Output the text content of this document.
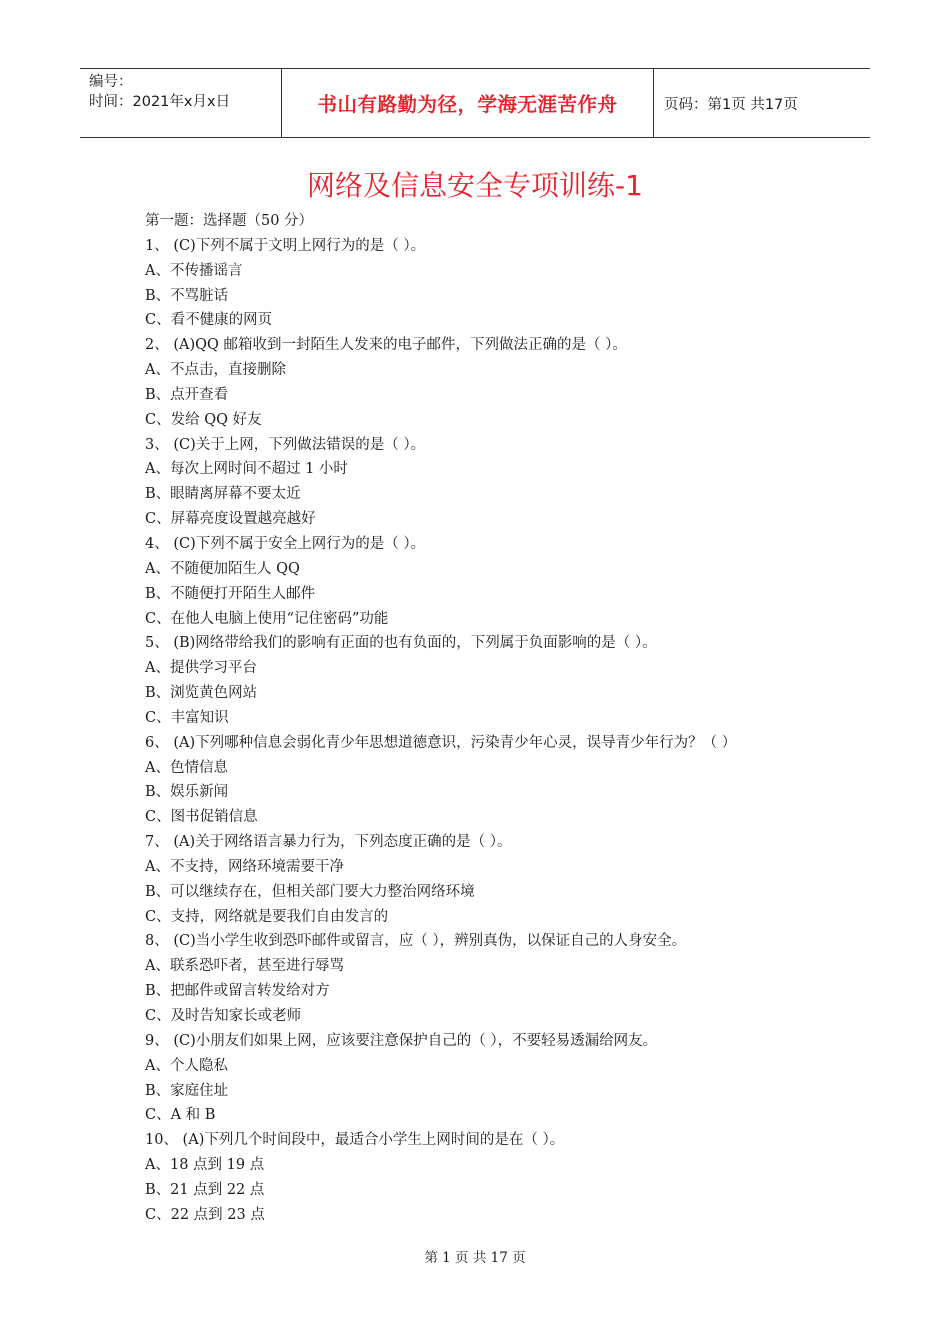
编号：
时间：2021年x月x日	书山有路勤为径，学海无涯苦作舟	页码：第1页 共17页
网络及信息安全专项训练-1
第一题：选择题（50 分）
1、 (C)下列不属于文明上网行为的是（ ）。
A、不传播谣言
B、不骂脏话
C、看不健康的网页
2、 (A)QQ 邮箱收到一封陌生人发来的电子邮件，下列做法正确的是（ ）。
A、不点击，直接删除
B、点开查看
C、发给 QQ 好友
3、 (C)关于上网，下列做法错误的是（ ）。
A、每次上网时间不超过 1 小时
B、眼睛离屏幕不要太近
C、屏幕亮度设置越亮越好
4、 (C)下列不属于安全上网行为的是（ ）。
A、不随便加陌生人 QQ
B、不随便打开陌生人邮件
C、在他人电脑上使用“记住密码”功能
5、 (B)网络带给我们的影响有正面的也有负面的，下列属于负面影响的是（ ）。
A、提供学习平台
B、浏览黄色网站
C、丰富知识
6、 (A)下列哪种信息会弱化青少年思想道德意识，污染青少年心灵，误导青少年行为？（ ）
A、色情信息
B、娱乐新闻
C、图书促销信息
7、 (A)关于网络语言暴力行为，下列态度正确的是（ ）。
A、不支持，网络环境需要干净
B、可以继续存在，但相关部门要大力整治网络环境
C、支持，网络就是要我们自由发言的
8、 (C)当小学生收到恐吓邮件或留言，应（ ），辨别真伪，以保证自己的人身安全。
A、联系恐吓者，甚至进行辱骂
B、把邮件或留言转发给对方
C、及时告知家长或老师
9、 (C)小朋友们如果上网，应该要注意保护自己的（ ），不要轻易透漏给网友。
A、个人隐私
B、家庭住址
C、A 和 B
10、 (A)下列几个时间段中，最适合小学生上网时间的是在（ ）。
A、18 点到 19 点
B、21 点到 22 点
C、22 点到 23 点
第 1 页 共 17 页
